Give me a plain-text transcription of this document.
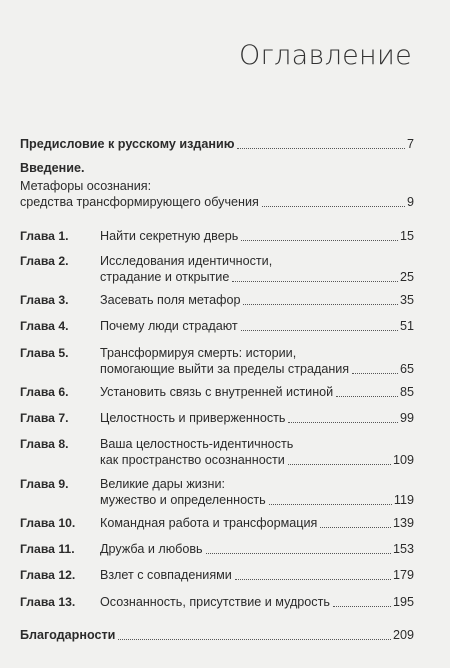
Оглавление
Предисловие к русскому изданию	7
Введение.
Метафоры осознания:
средства трансформирующего обучения	9
Глава 1.	Найти секретную дверь	15
Глава 2.	Исследования идентичности,
страдание и открытие	25
Глава 3.	Засевать поля метафор	35
Глава 4.	Почему люди страдают	51
Глава 5.	Трансформируя смерть: истории,
помогающие выйти за пределы страдания	65
Глава 6.	Установить связь с внутренней истиной	85
Глава 7.	Целостность и приверженность	99
Глава 8.	Ваша целостность-идентичность
как пространство осознанности	109
Глава 9.	Великие дары жизни:
мужество и определенность	119
Глава 10.	Командная работа и трансформация	139
Глава 11.	Дружба и любовь	153
Глава 12.	Взлет с совпадениями	179
Глава 13.	Осознанность, присутствие и мудрость	195
Благодарности	209
